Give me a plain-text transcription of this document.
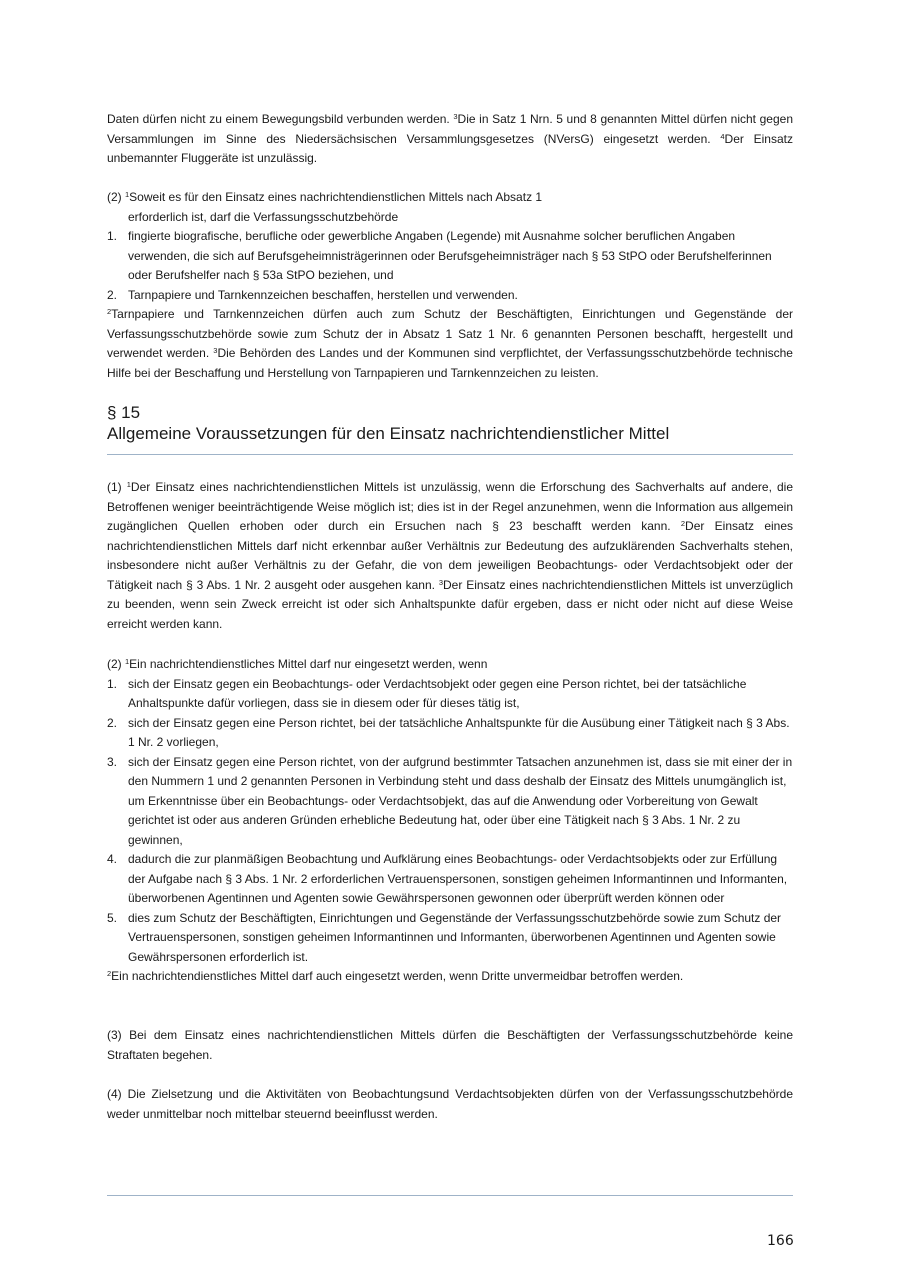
Daten dürfen nicht zu einem Bewegungsbild verbunden werden. $^3$Die in Satz 1 Nrn. 5 und 8 genannten Mittel dürfen nicht gegen Versammlungen im Sinne des Niedersächsischen Versammlungsgesetzes (NVersG) eingesetzt werden. $^4$Der Einsatz unbemannter Fluggeräte ist unzulässig.

(2) $^1$Soweit es für den Einsatz eines nachrichtendienstlichen Mittels nach Absatz 1
erforderlich ist, darf die Verfassungsschutzbehörde
1. fingierte biografische, berufliche oder gewerbliche Angaben (Legende) mit Ausnahme solcher beruflichen Angaben verwenden, die sich auf Berufsgeheimnisträgerinnen oder Berufsgeheimnisträger nach § 53 StPO oder Berufshelferinnen oder Berufshelfer nach § 53a StPO beziehen, und
2. Tarnpapiere und Tarnkennzeichen beschaffen, herstellen und verwenden.

$^2$Tarnpapiere und Tarnkennzeichen dürfen auch zum Schutz der Beschäftigten, Einrichtungen und Gegenstände der Verfassungsschutzbehörde sowie zum Schutz der in Absatz 1 Satz 1 Nr. 6 genannten Personen beschafft, hergestellt und verwendet werden. $^3$Die Behörden des Landes und der Kommunen sind verpflichtet, der Verfassungsschutzbehörde technische Hilfe bei der Beschaffung und Herstellung von Tarnpapieren und Tarnkennzeichen zu leisten.

§ 15
Allgemeine Voraussetzungen für den Einsatz nachrichtendienstlicher Mittel

(1) $^1$Der Einsatz eines nachrichtendienstlichen Mittels ist unzulässig, wenn die Erforschung des Sachverhalts auf andere, die Betroffenen weniger beeinträchtigende Weise möglich ist; dies ist in der Regel anzunehmen, wenn die Information aus allgemein zugänglichen Quellen erhoben oder durch ein Ersuchen nach § 23 beschafft werden kann. $^2$Der Einsatz eines nachrichtendienstlichen Mittels darf nicht erkennbar außer Verhältnis zur Bedeutung des aufzuklärenden Sachverhalts stehen, insbesondere nicht außer Verhältnis zu der Gefahr, die von dem jeweiligen Beobachtungs- oder Verdachtsobjekt oder der Tätigkeit nach § 3 Abs. 1 Nr. 2 ausgeht oder ausgehen kann. $^3$Der Einsatz eines nachrichtendienstlichen Mittels ist unverzüglich zu beenden, wenn sein Zweck erreicht ist oder sich Anhaltspunkte dafür ergeben, dass er nicht oder nicht auf diese Weise erreicht werden kann.

(2) $^1$Ein nachrichtendienstliches Mittel darf nur eingesetzt werden, wenn
1. sich der Einsatz gegen ein Beobachtungs- oder Verdachtsobjekt oder gegen eine Person richtet, bei der tatsächliche Anhaltspunkte dafür vorliegen, dass sie in diesem oder für dieses tätig ist,
2. sich der Einsatz gegen eine Person richtet, bei der tatsächliche Anhaltspunkte für die Ausübung einer Tätigkeit nach § 3 Abs. 1 Nr. 2 vorliegen,
3. sich der Einsatz gegen eine Person richtet, von der aufgrund bestimmter Tatsachen anzunehmen ist, dass sie mit einer der in den Nummern 1 und 2 genannten Personen in Verbindung steht und dass deshalb der Einsatz des Mittels unumgänglich ist, um Erkenntnisse über ein Beobachtungs- oder Verdachtsobjekt, das auf die Anwendung oder Vorbereitung von Gewalt gerichtet ist oder aus anderen Gründen erhebliche Bedeutung hat, oder über eine Tätigkeit nach § 3 Abs. 1 Nr. 2 zu gewinnen,
4. dadurch die zur planmäßigen Beobachtung und Aufklärung eines Beobachtungs- oder Verdachtsobjekts oder zur Erfüllung der Aufgabe nach § 3 Abs. 1 Nr. 2 erforderlichen Vertrauenspersonen, sonstigen geheimen Informantinnen und Informanten, überworbenen Agentinnen und Agenten sowie Gewährspersonen gewonnen oder überprüft werden können oder
5. dies zum Schutz der Beschäftigten, Einrichtungen und Gegenstände der Verfassungsschutzbehörde sowie zum Schutz der Vertrauenspersonen, sonstigen geheimen Informantinnen und Informanten, überworbenen Agentinnen und Agenten sowie Gewährspersonen erforderlich ist.

$^2$Ein nachrichtendienstliches Mittel darf auch eingesetzt werden, wenn Dritte unvermeidbar betroffen werden.

(3) Bei dem Einsatz eines nachrichtendienstlichen Mittels dürfen die Beschäftigten der Verfassungsschutzbehörde keine Straftaten begehen.

(4) Die Zielsetzung und die Aktivitäten von Beobachtungsund Verdachtsobjekten dürfen von der Verfassungsschutzbehörde weder unmittelbar noch mittelbar steuernd beeinflusst werden.

166
